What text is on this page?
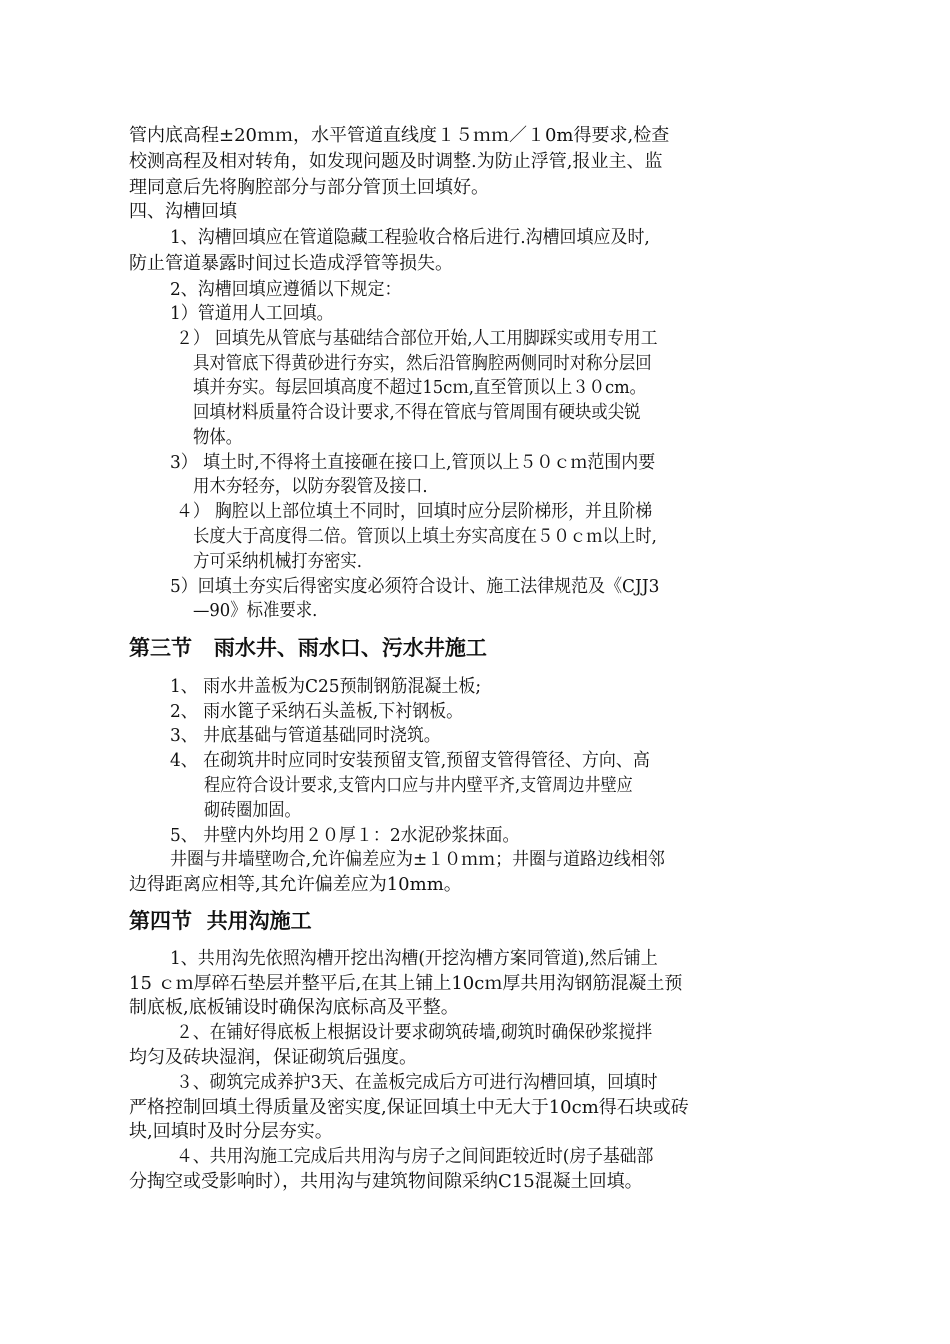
管内底高程±20ｍｍ，水平管道直线度１５ｍｍ／１0m得要求,检查
校测高程及相对转角，如发现问题及时调整.为防止浮管,报业主、监
理同意后先将胸腔部分与部分管顶土回填好。
四、沟槽回填
1、沟槽回填应在管道隐藏工程验收合格后进行.沟槽回填应及时,
防止管道暴露时间过长造成浮管等损失。
2、沟槽回填应遵循以下规定：
1）管道用人工回填。
２） 回填先从管底与基础结合部位开始,人工用脚踩实或用专用工
具对管底下得黄砂进行夯实，然后沿管胸腔两侧同时对称分层回
填并夯实。每层回填高度不超过15cｍ,直至管顶以上３０cm。
回填材料质量符合设计要求,不得在管底与管周围有硬块或尖锐
物体。
3） 填土时,不得将土直接砸在接口上,管顶以上５０ｃｍ范围内要
用木夯轻夯，以防夯裂管及接口.
４） 胸腔以上部位填土不同时，回填时应分层阶梯形，并且阶梯
长度大于高度得二倍。管顶以上填土夯实高度在５０ｃｍ以上时,
方可采纳机械打夯密实.
5）回填土夯实后得密实度必须符合设计、施工法律规范及《CJJ3
—90》标准要求.
第三节   雨水井、雨水口、污水井施工
1、 雨水井盖板为C25预制钢筋混凝土板;
2、 雨水篦子采纳石头盖板,下衬钢板。
3、 井底基础与管道基础同时浇筑。
4、 在砌筑井时应同时安装预留支管,预留支管得管径、方向、高
程应符合设计要求,支管内口应与井内壁平齐,支管周边井壁应
砌砖圈加固。
5、 井壁内外均用２０厚１：2水泥砂浆抹面。
井圈与井墙壁吻合,允许偏差应为±１０ｍｍ；井圈与道路边线相邻
边得距离应相等,其允许偏差应为10mm。
第四节  共用沟施工
1、共用沟先依照沟槽开挖出沟槽(开挖沟槽方案同管道),然后铺上
15 ｃｍ厚碎石垫层并整平后,在其上铺上10cｍ厚共用沟钢筋混凝土预
制底板,底板铺设时确保沟底标高及平整。
２、在铺好得底板上根据设计要求砌筑砖墙,砌筑时确保砂浆搅拌
均匀及砖块湿润，保证砌筑后强度。
３、砌筑完成养护3天、在盖板完成后方可进行沟槽回填，回填时
严格控制回填土得质量及密实度,保证回填土中无大于10cm得石块或砖
块,回填时及时分层夯实。
４、共用沟施工完成后共用沟与房子之间间距较近时(房子基础部
分掏空或受影响时），共用沟与建筑物间隙采纳C15混凝土回填。
